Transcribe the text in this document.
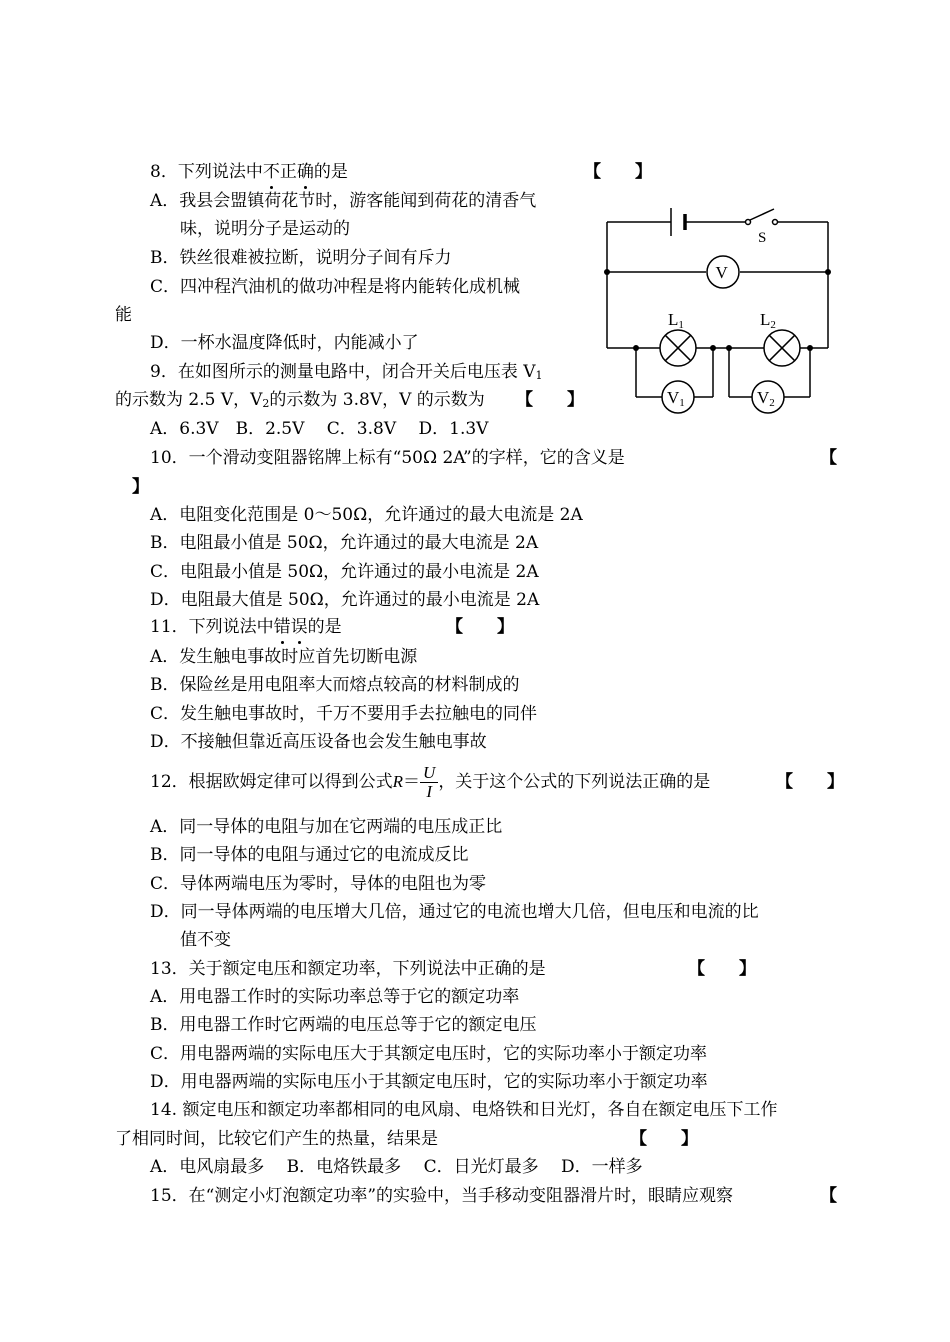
8．下列说法中不正确的是	【　　】
A．我县会盟镇荷花节时，游客能闻到荷花的清香气
味，说明分子是运动的
B．铁丝很难被拉断，说明分子间有斥力
C．四冲程汽油机的做功冲程是将内能转化成机械
能
D．一杯水温度降低时，内能减小了
9．在如图所示的测量电路中，闭合开关后电压表 $V_1$
的示数为 2.5 V，$V_2$的示数为 3.8V，V 的示数为 【　　】
A．6.3V　B．2.5V　 C．3.8V　 D．1.3V
S
V
L1	L2
V1	V2
10．一个滑动变阻器铭牌上标有“50Ω 2A”的字样，它的含义是	【
】
A．电阻变化范围是 0～50Ω，允许通过的最大电流是 2A
B．电阻最小值是 50Ω，允许通过的最大电流是 2A
C．电阻最小值是 50Ω，允许通过的最小电流是 2A
D．电阻最大值是 50Ω，允许通过的最小电流是 2A
11．下列说法中错误的是	【　　】
A．发生触电事故时应首先切断电源
B．保险丝是用电阻率大而熔点较高的材料制成的
C．发生触电事故时，千万不要用手去拉触电的同伴
D．不接触但靠近高压设备也会发生触电事故
12．根据欧姆定律可以得到公式$R= \frac{U}{I}$ ，关于这个公式的下列说法正确的是	【　　】
A．同一导体的电阻与加在它两端的电压成正比
B．同一导体的电阻与通过它的电流成反比
C．导体两端电压为零时，导体的电阻也为零
D．同一导体两端的电压增大几倍，通过它的电流也增大几倍，但电压和电流的比
值不变
13．关于额定电压和额定功率，下列说法中正确的是	【　　】
A．用电器工作时的实际功率总等于它的额定功率
B．用电器工作时它两端的电压总等于它的额定电压
C．用电器两端的实际电压大于其额定电压时，它的实际功率小于额定功率
D．用电器两端的实际电压小于其额定电压时，它的实际功率小于额定功率
14. 额定电压和额定功率都相同的电风扇、电烙铁和日光灯，各自在额定电压下工作
了相同时间，比较它们产生的热量，结果是	【　　】
A．电风扇最多　 B．电烙铁最多　 C．日光灯最多　 D．一样多
15．在“测定小灯泡额定功率”的实验中，当手移动变阻器滑片时，眼睛应观察	【
